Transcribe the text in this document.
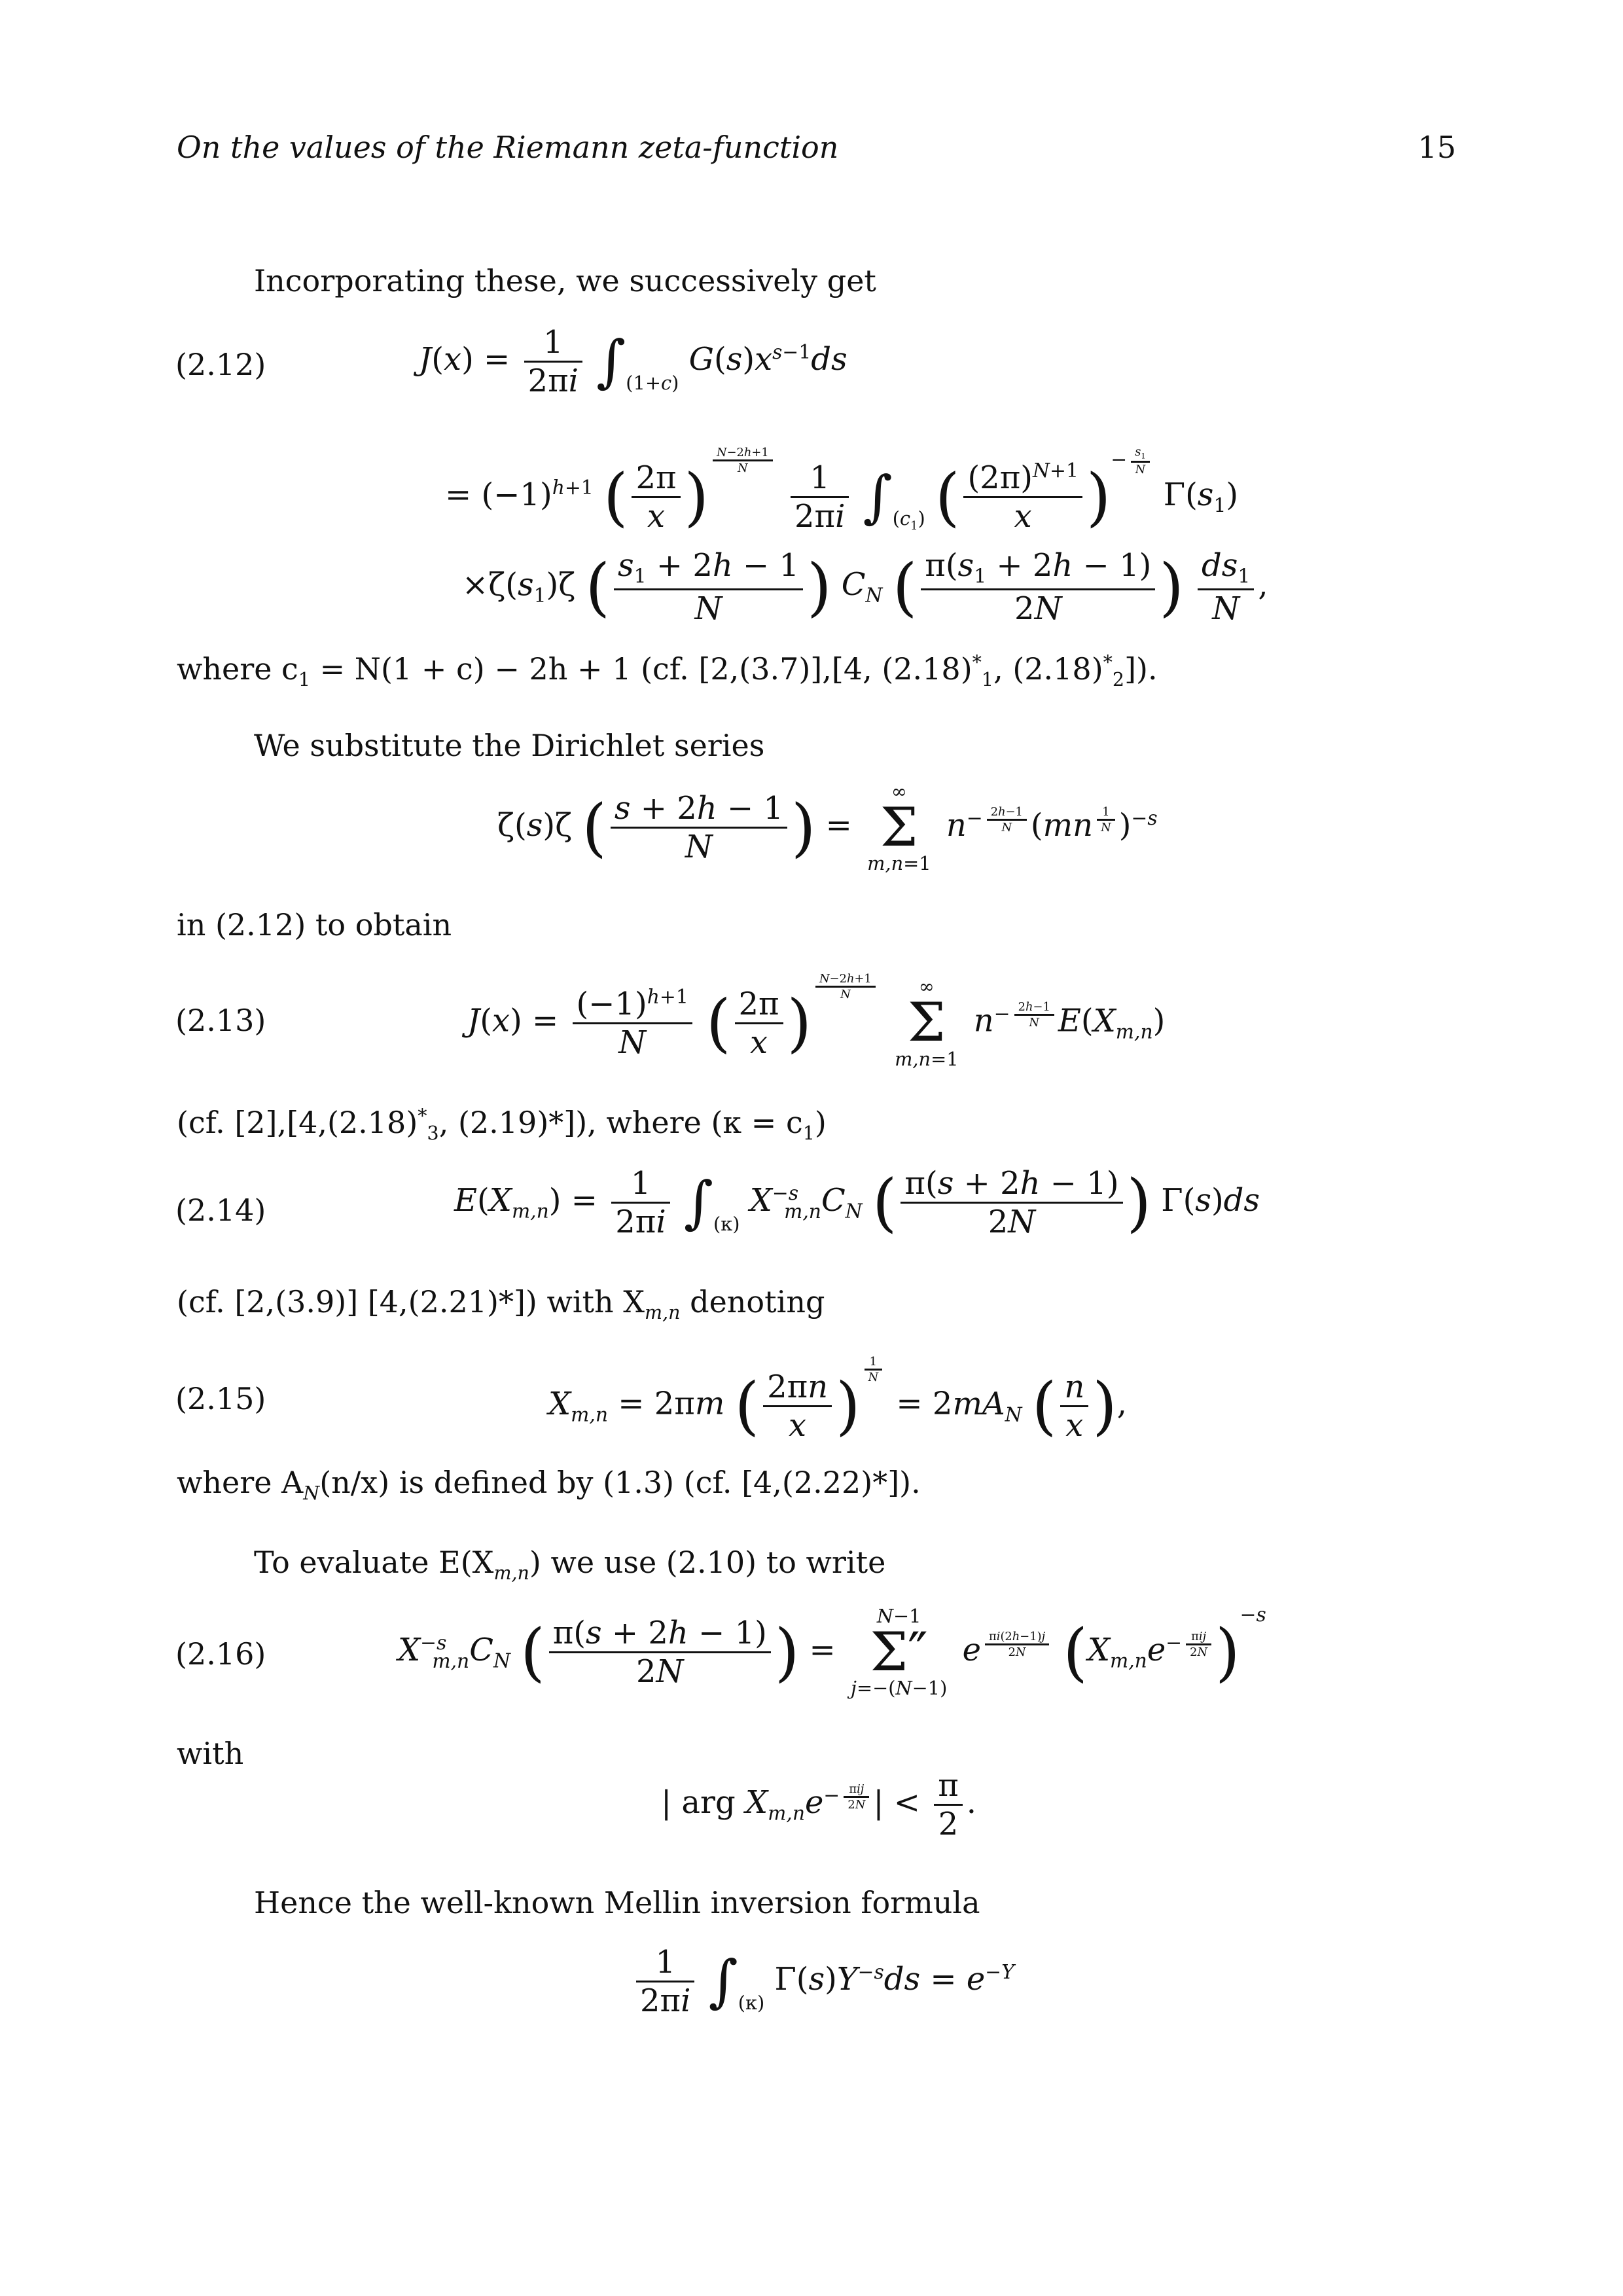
On the values of the Riemann zeta-function	15
Incorporating these, we successively get
(2.12)	$J(x) = \frac{1}{2\pi i} \int_{(1+c)}$ $G(s)x^{s-1}ds$
= $(-1)^{h+1}$ ( $\frac{2\pi}{x}$ ) $^{\frac{N-2h+1}{N}}$
$\frac{1}{2\pi i} \int_{(c_1)}$ ( $\frac{(2\pi)^{N+1}}{x} )^{- \frac{s_1}{N}}$
$\Gamma(s_1)$
$\times\zeta(s_1)\zeta$ ( $\frac{s_1 + 2h - 1}{N}$ ) $C_N$ ( $\frac{\pi(s_1 + 2h - 1)}{2N}$ ) $\frac{ds_1}{N}$ ,
where $c_1 = N(1 + c) - 2h + 1$ (cf. [2,(3.7)],[4, $(2.18)^*_1$, $(2.18)^*_2$]).
We substitute the Dirichlet series
ζ(s)ζ ( $\frac{s + 2h - 1}{N}$ ) =
∞
Σ
m,n=1
$n^{- \frac{2h-1}{N}}$ (mn $^{\frac{1}{N}}$ )$^{-s}$
in (2.12) to obtain
(2.13)	$J(x) = \frac{(-1)^{h+1}}{N}$ ( $\frac{2\pi}{x}$ ) $^{\frac{N-2h+1}{N}}$
	∞
Σ
m,n=1
$n^{- \frac{2h-1}{N}}$ $E(X_{m,n})$
(cf. $[2],[4,(2.18)^*_3$, (2.19)*]), where $(\kappa = c_1)$
(2.14)	$E(X_{m,n}) = \frac{1}{2\pi i} \int_{(\kappa)}$ $X^{-s}_{m,n}C_N$ ( $\frac{\pi(s + 2h - 1)}{2N}$ ) Γ(s)ds
(cf. [2,(3.9)] [4,(2.21)*]) with $X_{m,n}$ denoting
(2.15)	$X_{m,n} = 2\pi m$ ( $\frac{2\pi n}{x}$ ) $^{\frac{1}{N}}$
= $2mA_N$ ( $\frac{n}{x}$ ),
where $A_N(n/x)$ is defined by (1.3) (cf. [4,(2.22)*]).
To evaluate $E(X_{m,n})$ we use (2.10) to write
(2.16)	$X^{-s}_{m,n}C_N$ ( $\frac{\pi(s + 2h - 1)}{2N}$ ) =
N−1
Σ″
j=−(N−1)
e $^{\frac{\pi i(2h-1)j}{2N}}$ ($X_{m,n}e^{- \frac{\text{πij}}{2N}}$ )$^{-s}$
with
| arg $X_{m,n}e^{- \frac{\text{πij}}{2N}}$ | < $\frac{\pi}{2}$ .
Hence the well-known Mellin inversion formula
$\frac{1}{2\pi i} \int_{(\kappa)}$ $\Gamma(s)Y^{-s}ds = e^{-Y}$
